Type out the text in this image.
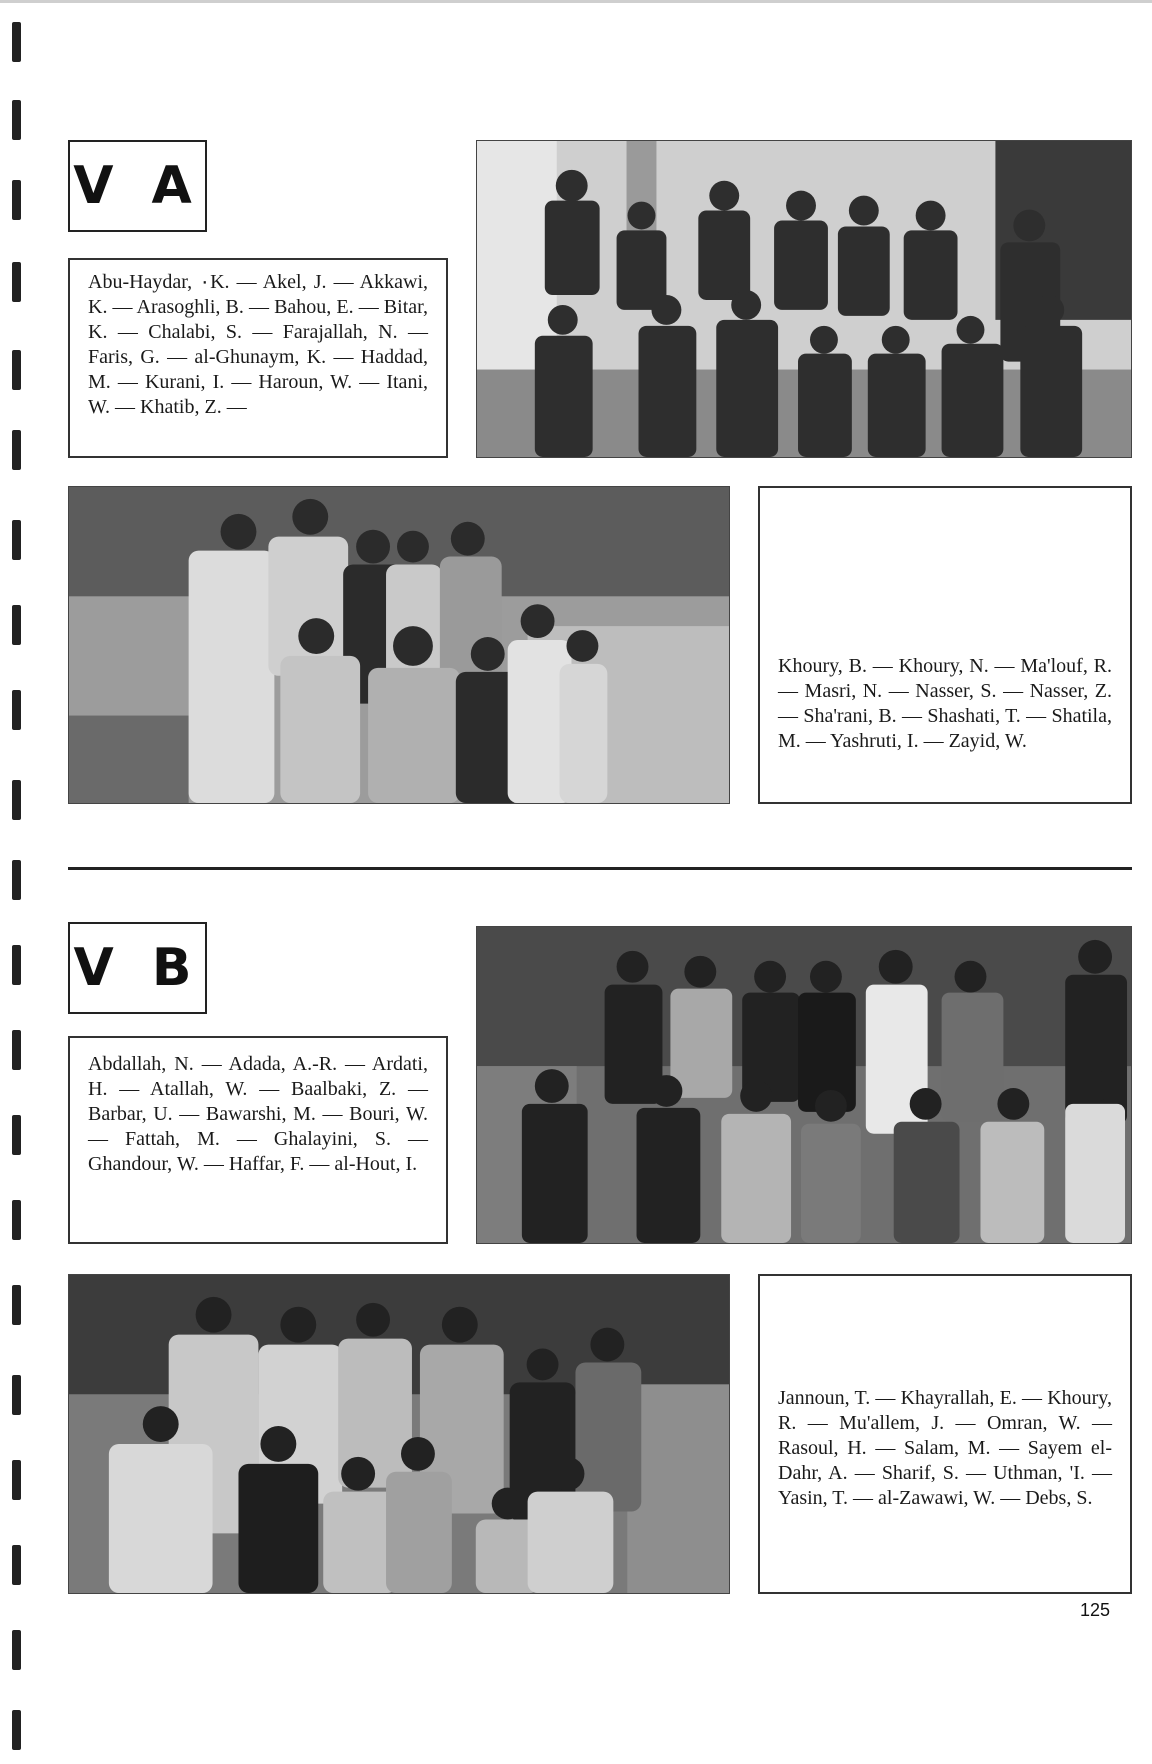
V A
Abu-Haydar, ٠K. — Akel, J. — Akkawi, K. — Arasoghli, B. — Bahou, E. — Bitar, K. — Chalabi, S. — Farajallah, N. — Faris, G. — al-Ghunaym, K. — Haddad, M. — Kurani, I. — Haroun, W. — Itani, W. — Khatib, Z. —
Khoury, B. — Khoury, N. — Ma'louf, R. — Masri, N. — Nasser, S. — Nasser, Z. — Sha'rani, B. — Shashati, T. — Shatila, M. — Yashruti, I. — Zayid, W.
V B
Abdallah, N. — Adada, A.-R. — Ardati, H. — Atallah, W. — Baalbaki, Z. — Barbar, U. — Bawarshi, M. — Bouri, W. — Fattah, M. — Ghalayini, S. — Ghandour, W. — Haffar, F. — al-Hout, I.
Jannoun, T. — Khayrallah, E. — Khoury, R. — Mu'allem, J. — Omran, W. — Rasoul, H. — Salam, M. — Sayem el-Dahr, A. — Sharif, S. — Uthman, 'I. — Yasin, T. — al-Zawawi, W. — Debs, S.
125
